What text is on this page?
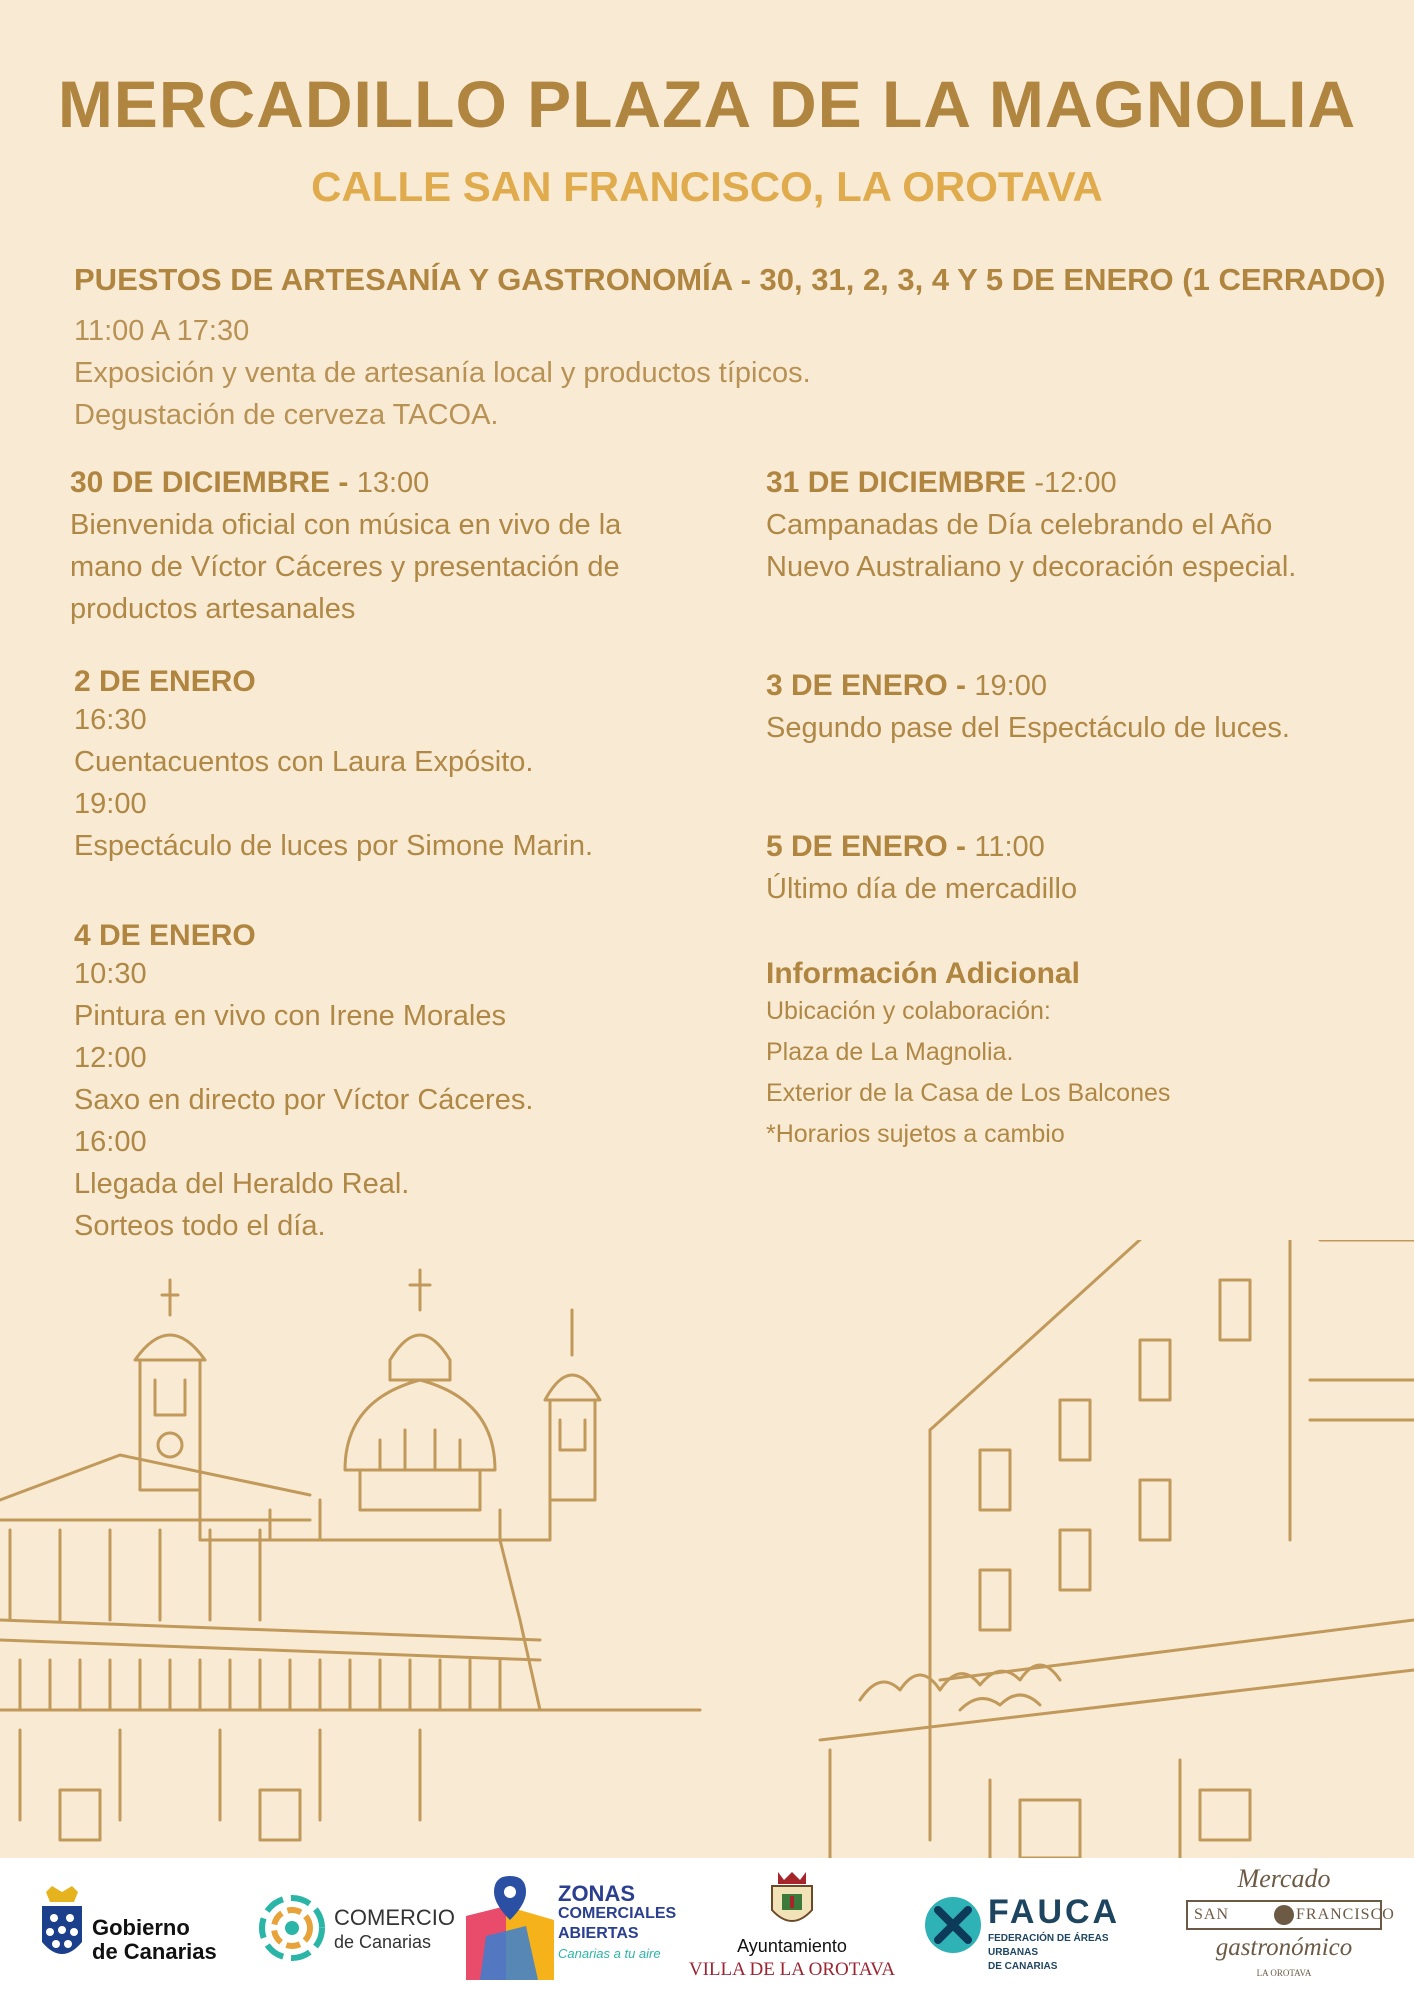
MERCADILLO PLAZA DE LA MAGNOLIA
CALLE SAN FRANCISCO, LA OROTAVA
PUESTOS DE ARTESANÍA Y GASTRONOMÍA - 30, 31, 2, 3, 4 Y 5 DE ENERO (1 CERRADO)
11:00 A 17:30
Exposición y venta de artesanía local y productos típicos.
Degustación de cerveza TACOA.
30 DE DICIEMBRE - 13:00
Bienvenida oficial con música en vivo de la
mano de Víctor Cáceres y presentación de
productos artesanales
31 DE DICIEMBRE -12:00
Campanadas de Día celebrando el Año
Nuevo Australiano y decoración especial.
2 DE ENERO
16:30
Cuentacuentos con Laura Expósito.
19:00
Espectáculo de luces por Simone Marin.
3 DE ENERO - 19:00
Segundo pase del Espectáculo de luces.
5 DE ENERO - 11:00
Último día de mercadillo
4 DE ENERO
10:30
Pintura en vivo con Irene Morales
12:00
Saxo en directo por Víctor Cáceres.
16:00
Llegada del Heraldo Real.
Sorteos todo el día.
Información Adicional
Ubicación y colaboración:
Plaza de La Magnolia.
Exterior de la Casa de Los Balcones
*Horarios sujetos a cambio
Gobierno
de Canarias
COMERCIO
de Canarias
ZONAS
COMERCIALES
ABIERTAS
Canarias a tu aire	Ayuntamiento
VILLA DE LA OROTAVA
FAUCA
FEDERACIÓN DE ÁREAS URBANAS
DE CANARIAS
Mercado
SAN	FRANCISCO
gastronómico
LA OROTAVA
